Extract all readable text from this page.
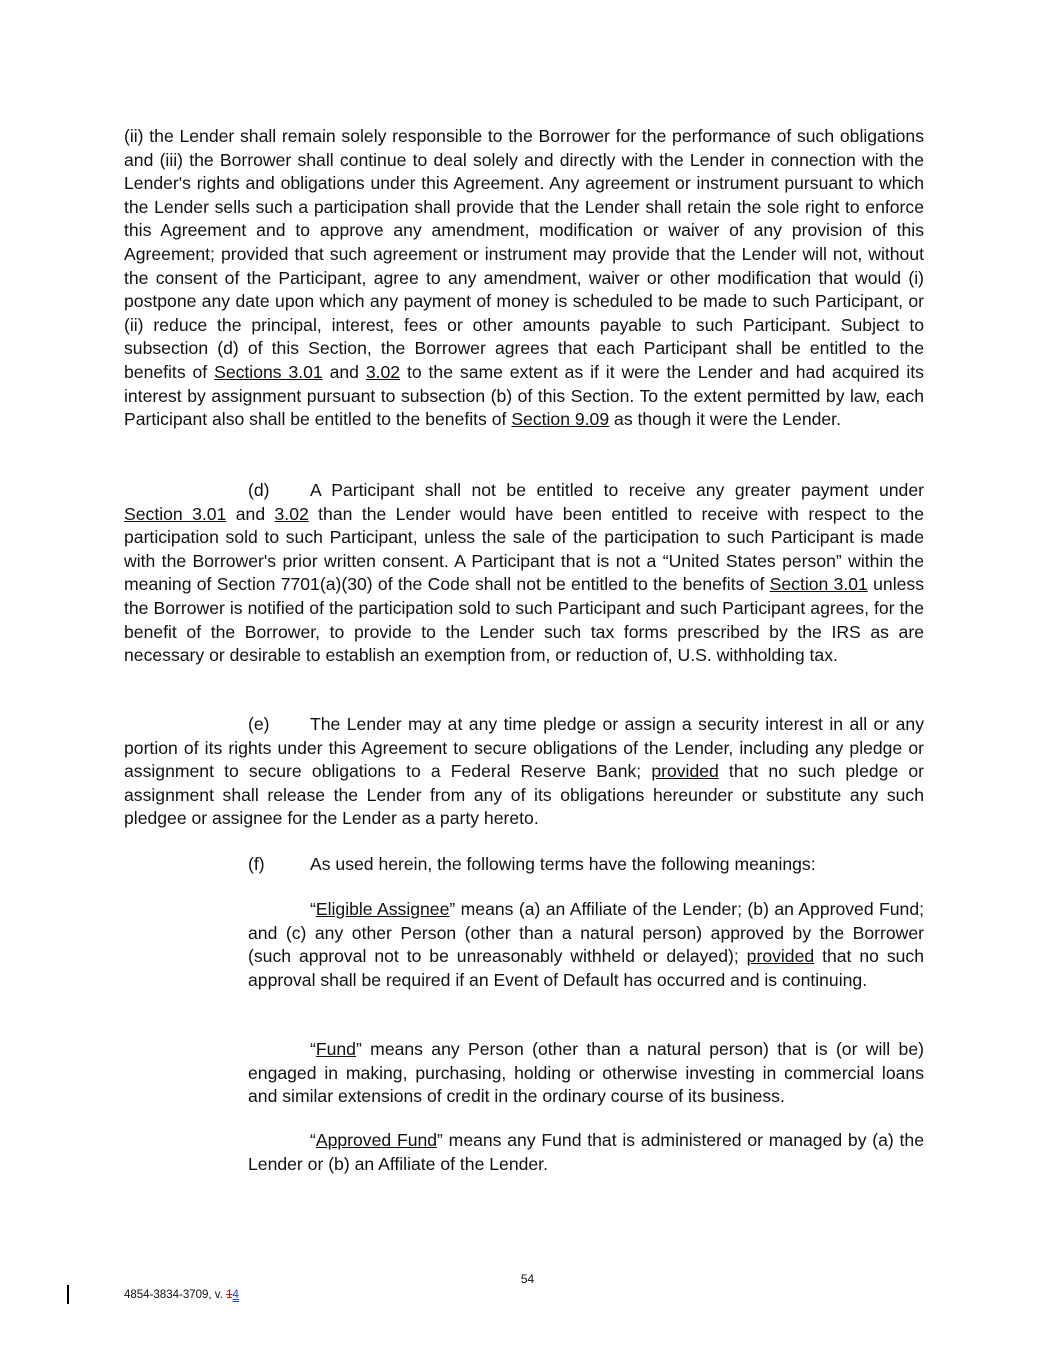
(ii) the Lender shall remain solely responsible to the Borrower for the performance of such obligations and (iii) the Borrower shall continue to deal solely and directly with the Lender in connection with the Lender's rights and obligations under this Agreement. Any agreement or instrument pursuant to which the Lender sells such a participation shall provide that the Lender shall retain the sole right to enforce this Agreement and to approve any amendment, modification or waiver of any provision of this Agreement; provided that such agreement or instrument may provide that the Lender will not, without the consent of the Participant, agree to any amendment, waiver or other modification that would (i) postpone any date upon which any payment of money is scheduled to be made to such Participant, or (ii) reduce the principal, interest, fees or other amounts payable to such Participant. Subject to subsection (d) of this Section, the Borrower agrees that each Participant shall be entitled to the benefits of Sections 3.01 and 3.02 to the same extent as if it were the Lender and had acquired its interest by assignment pursuant to subsection (b) of this Section. To the extent permitted by law, each Participant also shall be entitled to the benefits of Section 9.09 as though it were the Lender.

(d) A Participant shall not be entitled to receive any greater payment under Section 3.01 and 3.02 than the Lender would have been entitled to receive with respect to the participation sold to such Participant, unless the sale of the participation to such Participant is made with the Borrower's prior written consent. A Participant that is not a “United States person” within the meaning of Section 7701(a)(30) of the Code shall not be entitled to the benefits of Section 3.01 unless the Borrower is notified of the participation sold to such Participant and such Participant agrees, for the benefit of the Borrower, to provide to the Lender such tax forms prescribed by the IRS as are necessary or desirable to establish an exemption from, or reduction of, U.S. withholding tax.

(e) The Lender may at any time pledge or assign a security interest in all or any portion of its rights under this Agreement to secure obligations of the Lender, including any pledge or assignment to secure obligations to a Federal Reserve Bank; provided that no such pledge or assignment shall release the Lender from any of its obligations hereunder or substitute any such pledgee or assignee for the Lender as a party hereto.

(f)	As used herein, the following terms have the following meanings:

“Eligible Assignee” means (a) an Affiliate of the Lender; (b) an Approved Fund; and (c) any other Person (other than a natural person) approved by the Borrower (such approval not to be unreasonably withheld or delayed); provided that no such approval shall be required if an Event of Default has occurred and is continuing.

“Fund” means any Person (other than a natural person) that is (or will be) engaged in making, purchasing, holding or otherwise investing in commercial loans and similar extensions of credit in the ordinary course of its business.

“Approved Fund” means any Fund that is administered or managed by (a) the Lender or (b) an Affiliate of the Lender.

54
4854-3834-3709, v. 14
